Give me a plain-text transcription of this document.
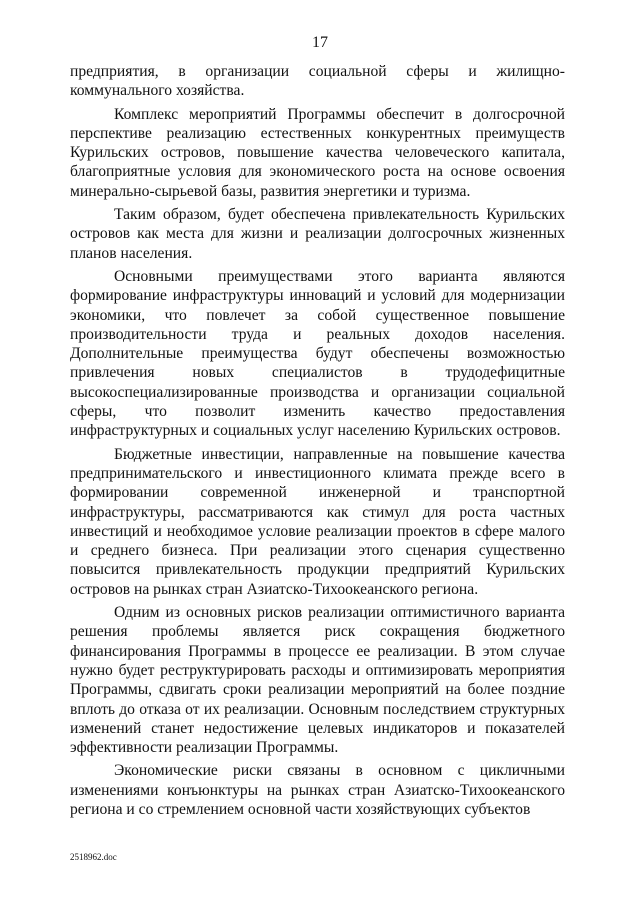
17

предприятия, в организации социальной сферы и жилищно-коммунального хозяйства.

Комплекс мероприятий Программы обеспечит в долгосрочной перспективе реализацию естественных конкурентных преимуществ Курильских островов, повышение качества человеческого капитала, благоприятные условия для экономического роста на основе освоения минерально-сырьевой базы, развития энергетики и туризма.

Таким образом, будет обеспечена привлекательность Курильских островов как места для жизни и реализации долгосрочных жизненных планов населения.

Основными преимуществами этого варианта являются формирование инфраструктуры инноваций и условий для модернизации экономики, что повлечет за собой существенное повышение производительности труда и реальных доходов населения. Дополнительные преимущества будут обеспечены возможностью привлечения новых специалистов в трудодефицитные высокоспециализированные производства и организации социальной сферы, что позволит изменить качество предоставления инфраструктурных и социальных услуг населению Курильских островов.

Бюджетные инвестиции, направленные на повышение качества предпринимательского и инвестиционного климата прежде всего в формировании современной инженерной и транспортной инфраструктуры, рассматриваются как стимул для роста частных инвестиций и необходимое условие реализации проектов в сфере малого и среднего бизнеса. При реализации этого сценария существенно повысится привлекательность продукции предприятий Курильских островов на рынках стран Азиатско-Тихоокеанского региона.

Одним из основных рисков реализации оптимистичного варианта решения проблемы является риск сокращения бюджетного финансирования Программы в процессе ее реализации. В этом случае нужно будет реструктурировать расходы и оптимизировать мероприятия Программы, сдвигать сроки реализации мероприятий на более поздние вплоть до отказа от их реализации. Основным последствием структурных изменений станет недостижение целевых индикаторов и показателей эффективности реализации Программы.

Экономические риски связаны в основном с цикличными изменениями конъюнктуры на рынках стран Азиатско-Тихоокеанского региона и со стремлением основной части хозяйствующих субъектов

2518962.doc
